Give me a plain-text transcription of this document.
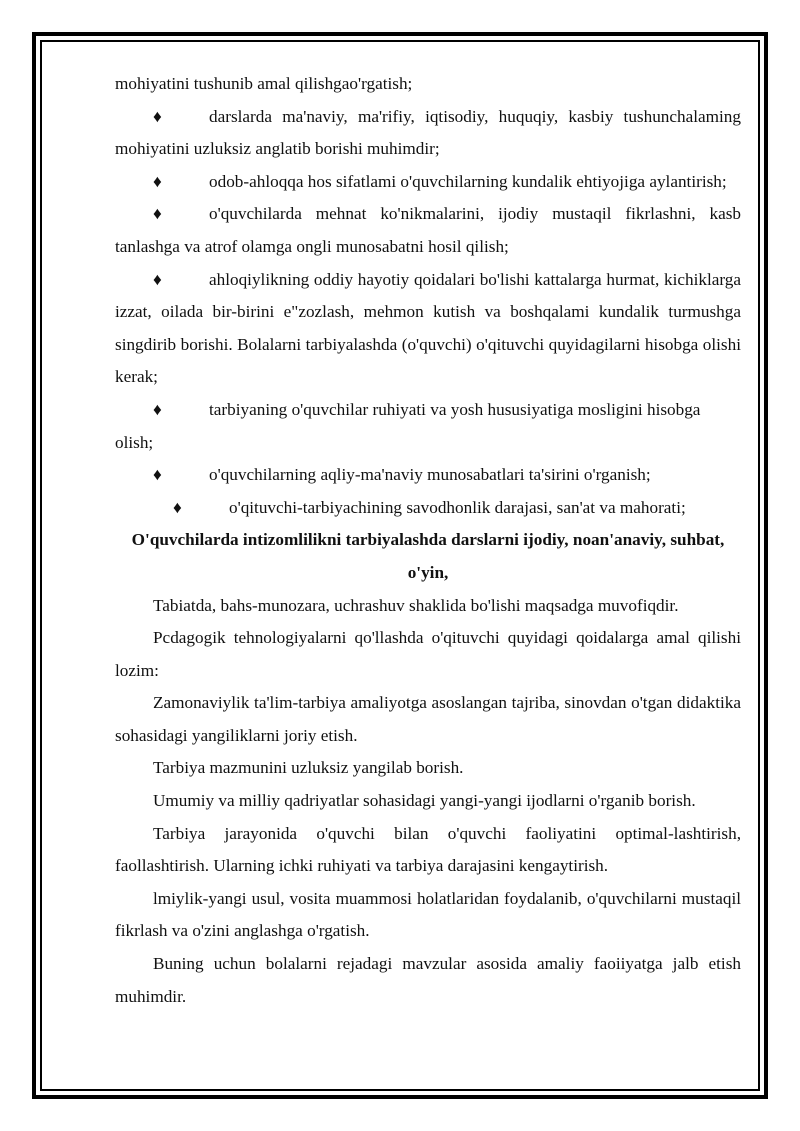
mohiyatini tushunib amal qilishgao'rgatish;

♦	darslarda ma'naviy, ma'rifiy, iqtisodiy, huquqiy, kasbiy tushunchalaming mohiyatini uzluksiz anglatib borishi muhimdir;

♦	odob-ahloqqa hos sifatlami o'quvchilarning kundalik ehtiyojiga aylantirish;

♦	o'quvchilarda mehnat ko'nikmalarini, ijodiy mustaqil fikrlashni, kasb tanlashga va atrof olamga ongli munosabatni hosil qilish;

♦	ahloqiylikning oddiy hayotiy qoidalari bo'lishi kattalarga hurmat, kichiklarga izzat, oilada bir-birini e"zozlash, mehmon kutish va boshqalami kundalik turmushga singdirib borishi. Bolalarni tarbiyalashda (o'quvchi) o'qituvchi quyidagilarni hisobga olishi kerak;

♦	tarbiyaning o'quvchilar ruhiyati va yosh hususiyatiga mosligini hisobga olish;

♦	o'quvchilarning aqliy-ma'naviy munosabatlari ta'sirini o'rganish;

♦	o'qituvchi-tarbiyachining savodhonlik darajasi, san'at va mahorati;

O'quvchilarda intizomlilikni tarbiyalashda darslarni ijodiy, noan'anaviy, suhbat, o'yin,

Tabiatda, bahs-munozara, uchrashuv shaklida bo'lishi maqsadga muvofiqdir.

Pcdagogik tehnologiyalarni qo'llashda o'qituvchi quyidagi qoidalarga amal qilishi lozim:

Zamonaviylik ta'lim-tarbiya amaliyotga asoslangan tajriba, sinovdan o'tgan didaktika sohasidagi yangiliklarni joriy etish.

Tarbiya mazmunini uzluksiz yangilab borish.

Umumiy va milliy qadriyatlar sohasidagi yangi-yangi ijodlarni o'rganib borish.

Tarbiya jarayonida o'quvchi bilan o'quvchi faoliyatini optimal-lashtirish, faollashtirish. Ularning ichki ruhiyati va tarbiya darajasini kengaytirish.

lmiylik-yangi usul, vosita muammosi holatlaridan foydalanib, o'quvchilarni mustaqil fikrlash va o'zini anglashga o'rgatish.

Buning uchun bolalarni rejadagi mavzular asosida amaliy faoiiyatga jalb etish muhimdir.
